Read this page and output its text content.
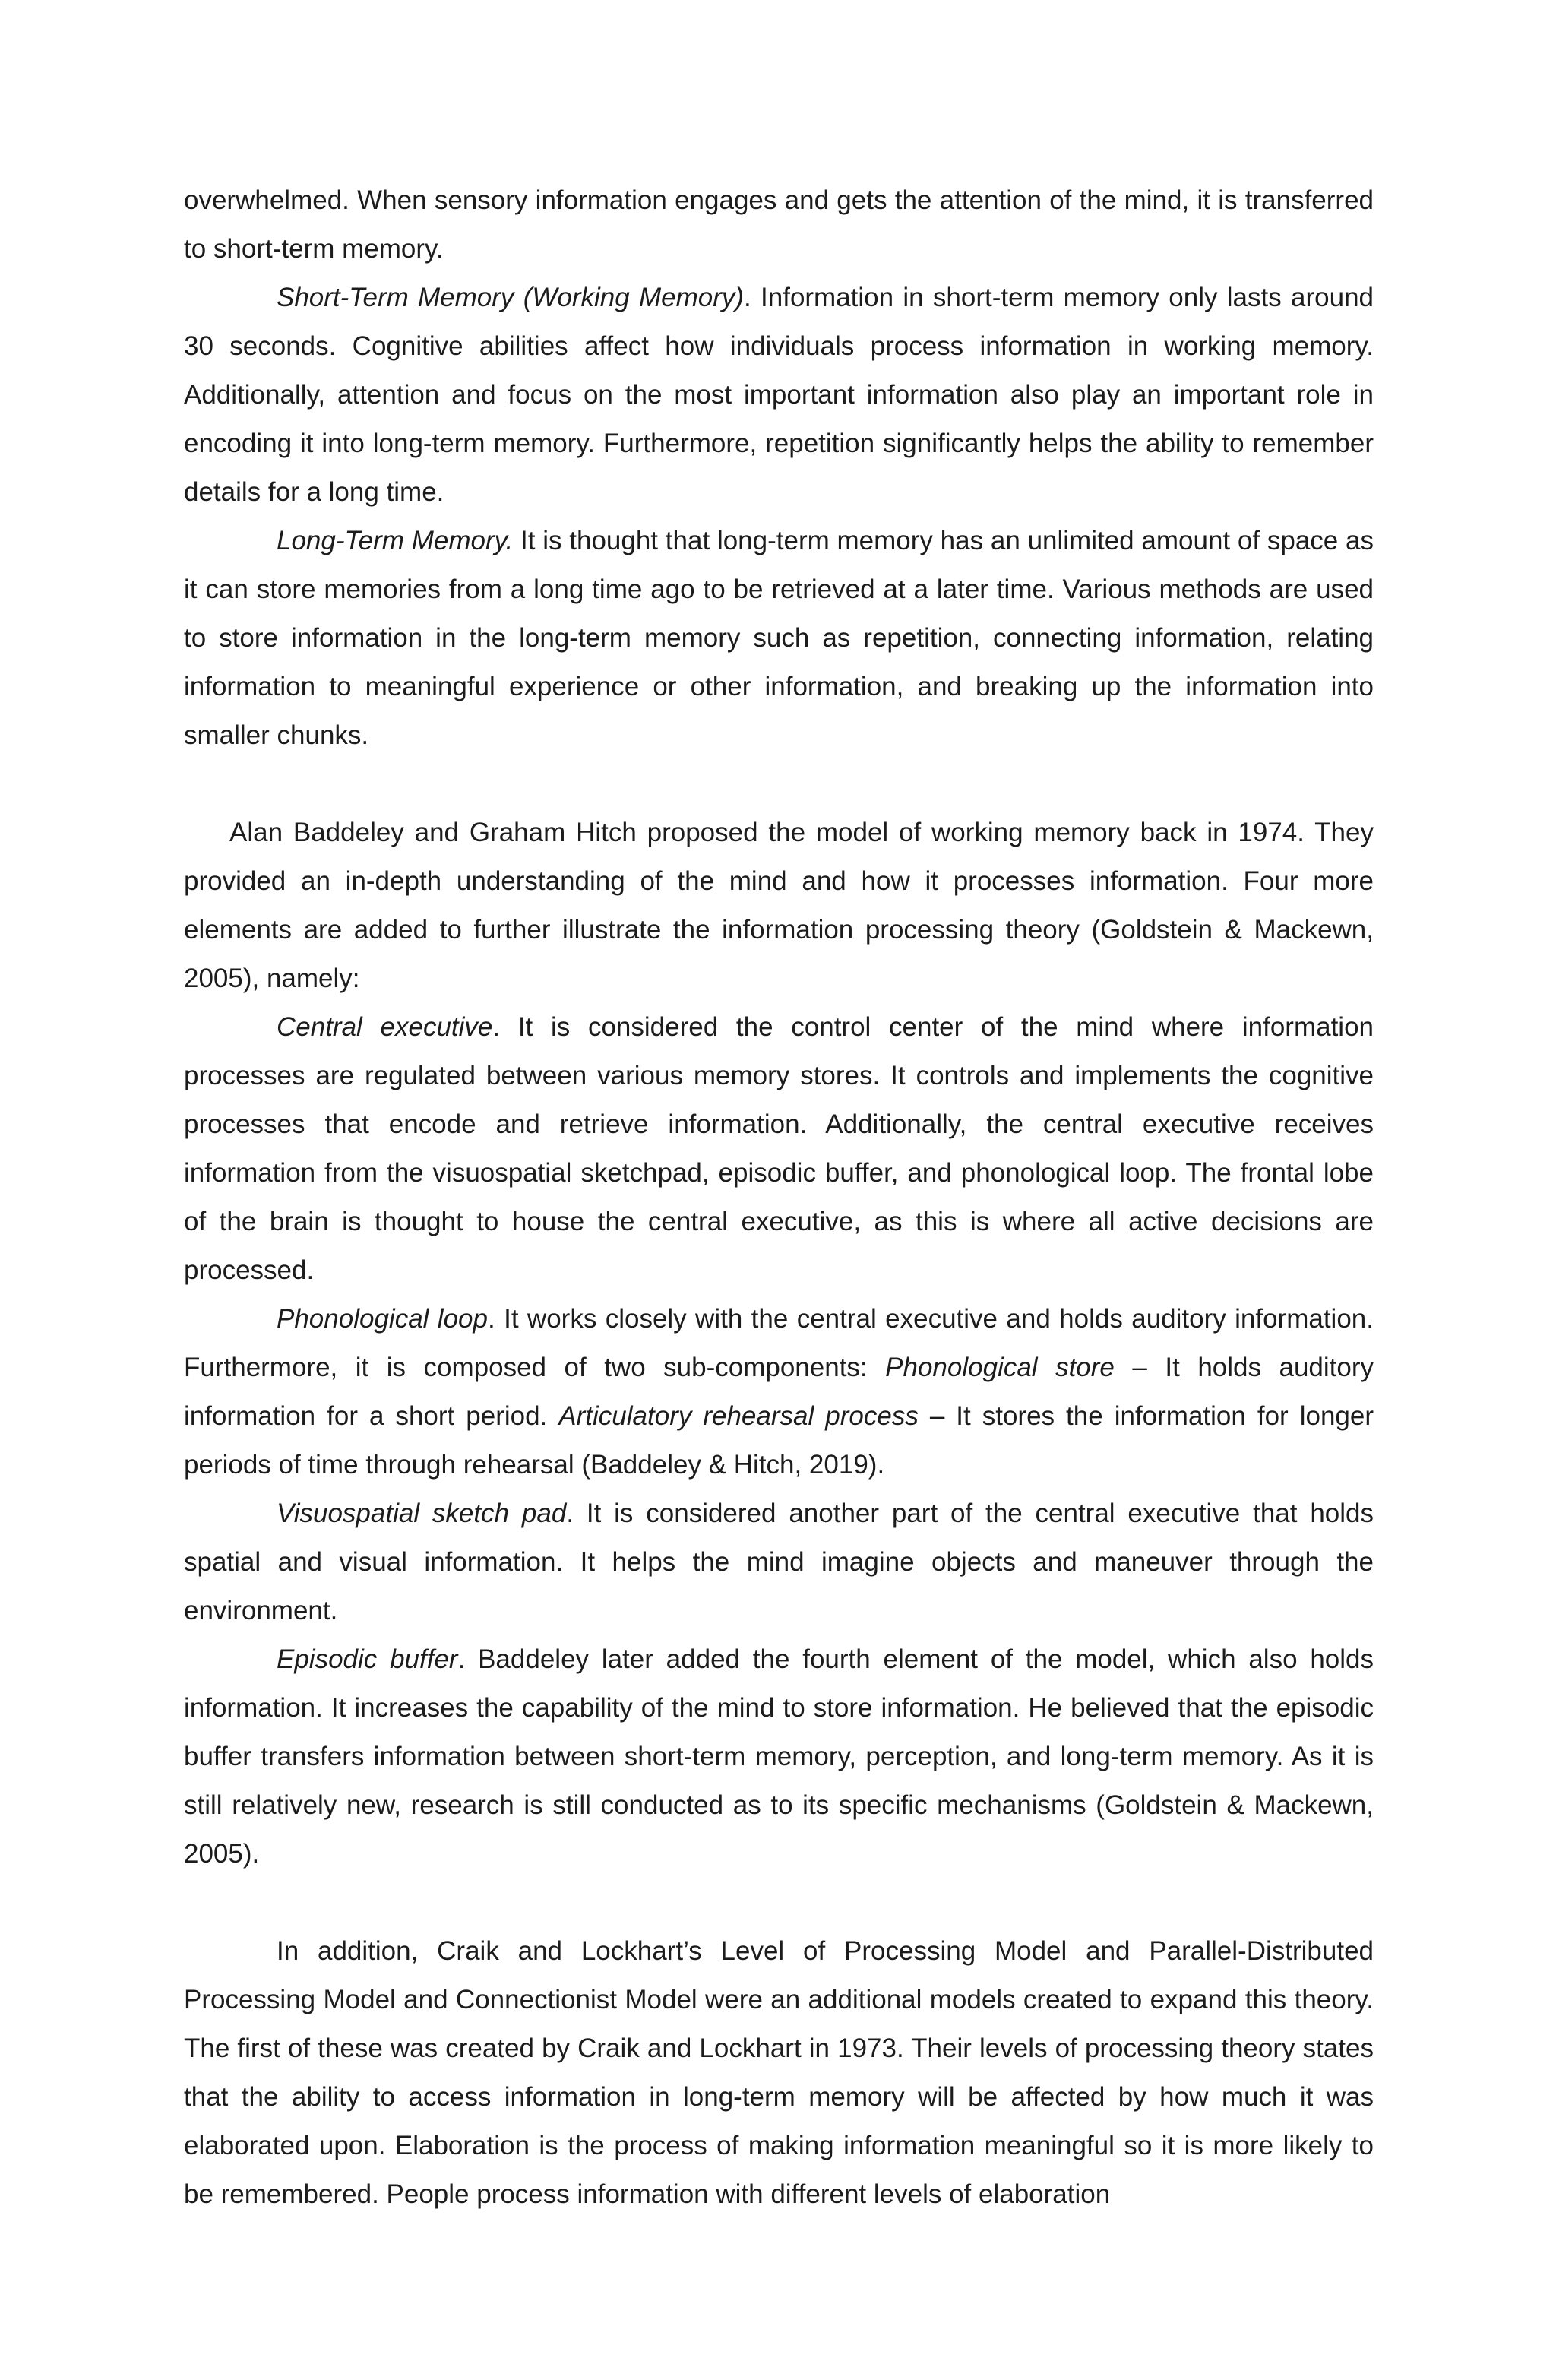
overwhelmed. When sensory information engages and gets the attention of the mind, it is transferred to short-term memory.

Short-Term Memory (Working Memory). Information in short-term memory only lasts around 30 seconds. Cognitive abilities affect how individuals process information in working memory. Additionally, attention and focus on the most important information also play an important role in encoding it into long-term memory. Furthermore, repetition significantly helps the ability to remember details for a long time.

Long-Term Memory. It is thought that long-term memory has an unlimited amount of space as it can store memories from a long time ago to be retrieved at a later time. Various methods are used to store information in the long-term memory such as repetition, connecting information, relating information to meaningful experience or other information, and breaking up the information into smaller chunks.

Alan Baddeley and Graham Hitch proposed the model of working memory back in 1974. They provided an in-depth understanding of the mind and how it processes information. Four more elements are added to further illustrate the information processing theory (Goldstein & Mackewn, 2005), namely:

Central executive. It is considered the control center of the mind where information processes are regulated between various memory stores. It controls and implements the cognitive processes that encode and retrieve information. Additionally, the central executive receives information from the visuospatial sketchpad, episodic buffer, and phonological loop. The frontal lobe of the brain is thought to house the central executive, as this is where all active decisions are processed.

Phonological loop. It works closely with the central executive and holds auditory information. Furthermore, it is composed of two sub-components: Phonological store – It holds auditory information for a short period. Articulatory rehearsal process – It stores the information for longer periods of time through rehearsal (Baddeley & Hitch, 2019).

Visuospatial sketch pad. It is considered another part of the central executive that holds spatial and visual information. It helps the mind imagine objects and maneuver through the environment.

Episodic buffer. Baddeley later added the fourth element of the model, which also holds information. It increases the capability of the mind to store information. He believed that the episodic buffer transfers information between short-term memory, perception, and long-term memory. As it is still relatively new, research is still conducted as to its specific mechanisms (Goldstein & Mackewn, 2005).

In addition, Craik and Lockhart’s Level of Processing Model and Parallel-Distributed Processing Model and Connectionist Model were an additional models created to expand this theory. The first of these was created by Craik and Lockhart in 1973. Their levels of processing theory states that the ability to access information in long-term memory will be affected by how much it was elaborated upon. Elaboration is the process of making information meaningful so it is more likely to be remembered. People process information with different levels of elaboration
